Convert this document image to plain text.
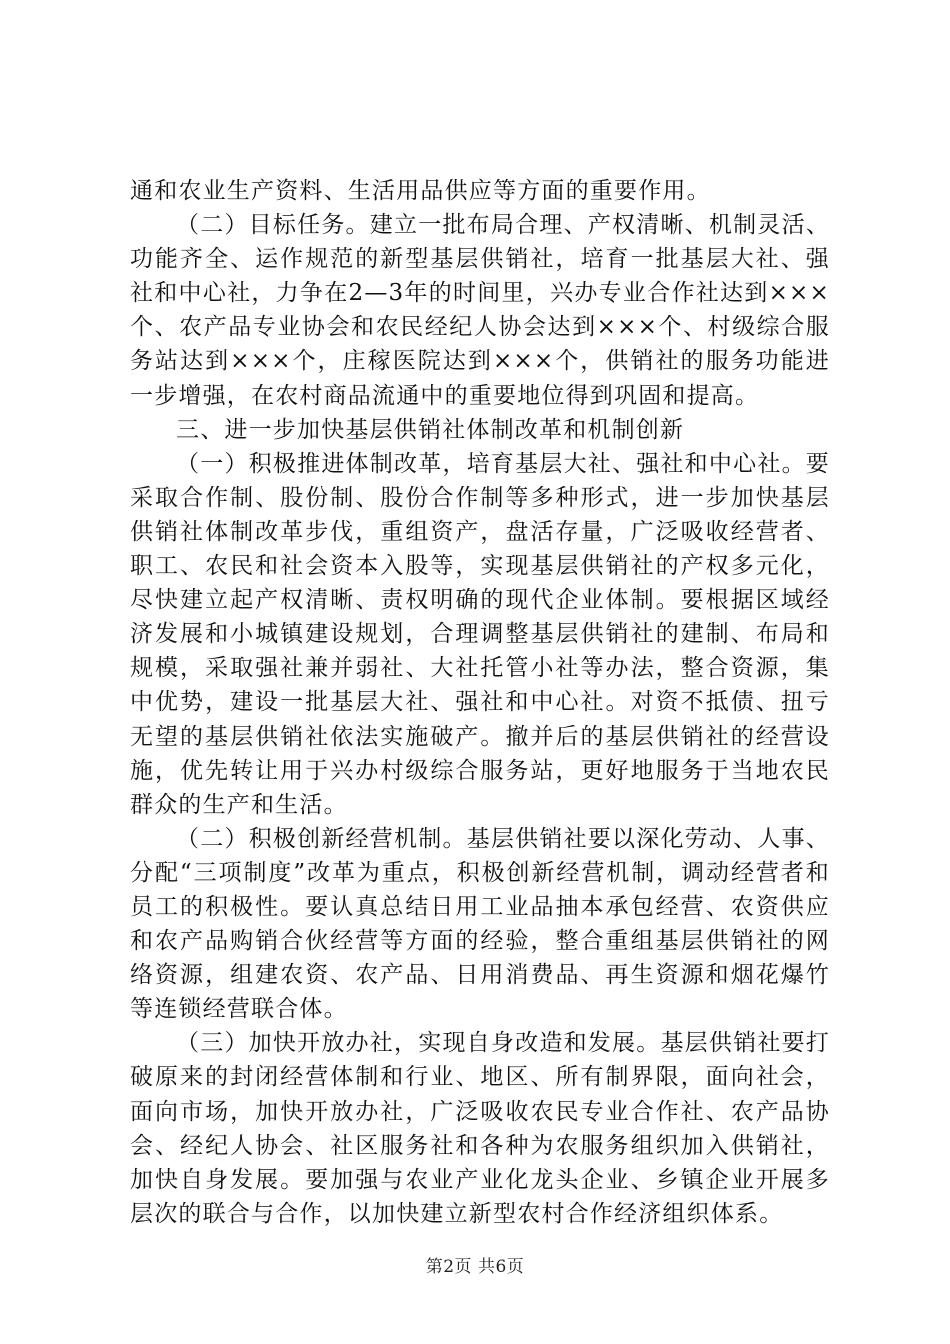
通和农业生产资料、生活用品供应等方面的重要作用。

（二）目标任务。建立一批布局合理、产权清晰、机制灵活、功能齐全、运作规范的新型基层供销社，培育一批基层大社、强社和中心社，力争在2—3年的时间里，兴办专业合作社达到×××个、农产品专业协会和农民经纪人协会达到×××个、村级综合服务站达到×××个，庄稼医院达到×××个，供销社的服务功能进一步增强，在农村商品流通中的重要地位得到巩固和提高。

三、进一步加快基层供销社体制改革和机制创新

（一）积极推进体制改革，培育基层大社、强社和中心社。要采取合作制、股份制、股份合作制等多种形式，进一步加快基层供销社体制改革步伐，重组资产，盘活存量，广泛吸收经营者、职工、农民和社会资本入股等，实现基层供销社的产权多元化，尽快建立起产权清晰、责权明确的现代企业体制。要根据区域经济发展和小城镇建设规划，合理调整基层供销社的建制、布局和规模，采取强社兼并弱社、大社托管小社等办法，整合资源，集中优势，建设一批基层大社、强社和中心社。对资不抵债、扭亏无望的基层供销社依法实施破产。撤并后的基层供销社的经营设施，优先转让用于兴办村级综合服务站，更好地服务于当地农民群众的生产和生活。

（二）积极创新经营机制。基层供销社要以深化劳动、人事、分配“三项制度”改革为重点，积极创新经营机制，调动经营者和员工的积极性。要认真总结日用工业品抽本承包经营、农资供应和农产品购销合伙经营等方面的经验，整合重组基层供销社的网络资源，组建农资、农产品、日用消费品、再生资源和烟花爆竹等连锁经营联合体。

（三）加快开放办社，实现自身改造和发展。基层供销社要打破原来的封闭经营体制和行业、地区、所有制界限，面向社会，面向市场，加快开放办社，广泛吸收农民专业合作社、农产品协会、经纪人协会、社区服务社和各种为农服务组织加入供销社，加快自身发展。要加强与农业产业化龙头企业、乡镇企业开展多层次的联合与合作，以加快建立新型农村合作经济组织体系。

第2页 共6页
